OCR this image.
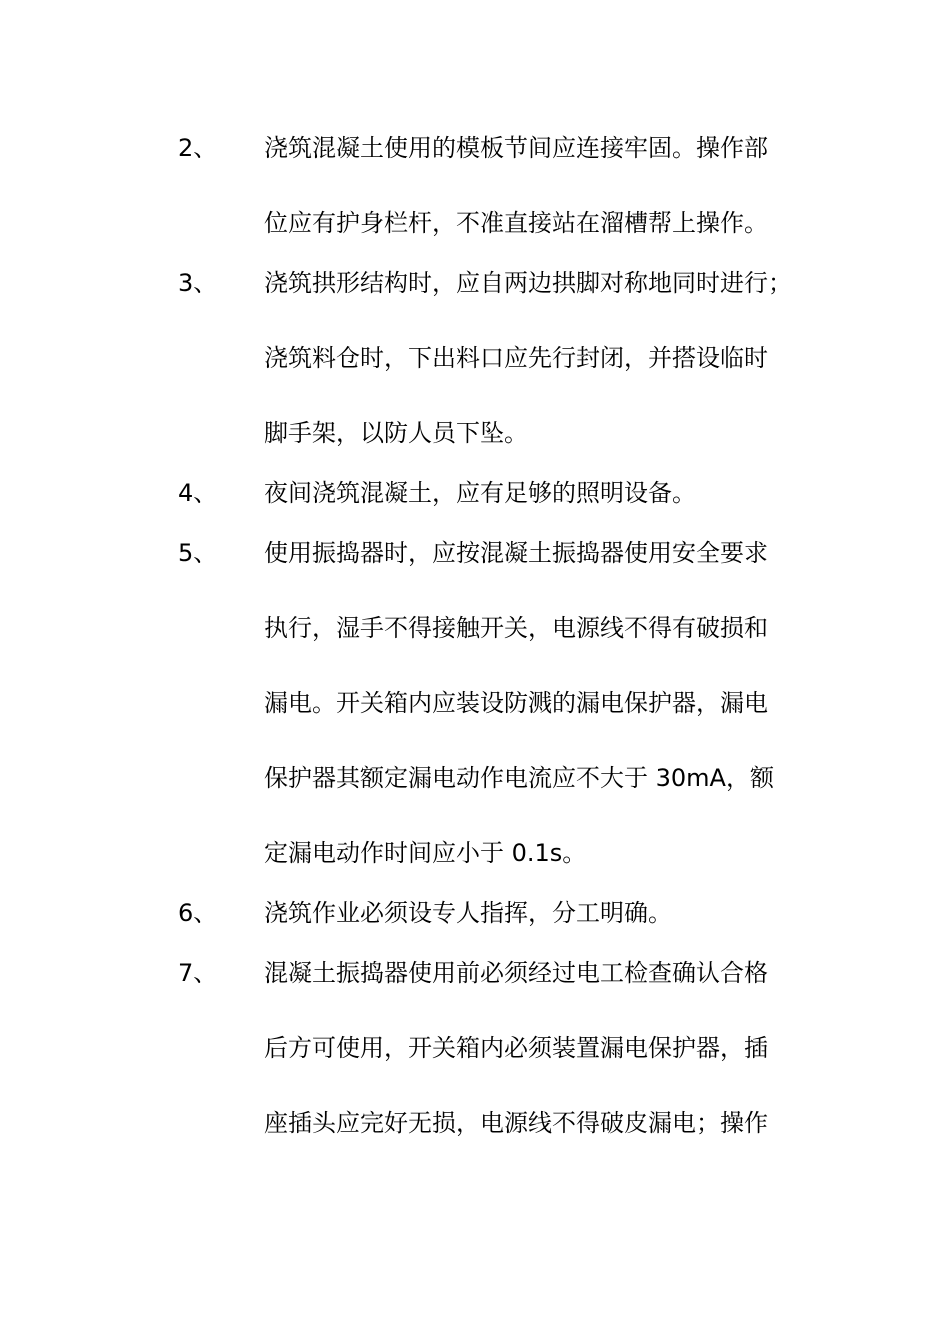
2、	浇筑混凝土使用的模板节间应连接牢固。操作部
位应有护身栏杆，不准直接站在溜槽帮上操作。
3、	浇筑拱形结构时，应自两边拱脚对称地同时进行；
浇筑料仓时，下出料口应先行封闭，并搭设临时
脚手架，以防人员下坠。
4、	夜间浇筑混凝土，应有足够的照明设备。
5、	使用振捣器时，应按混凝土振捣器使用安全要求
执行，湿手不得接触开关，电源线不得有破损和
漏电。开关箱内应装设防溅的漏电保护器，漏电
保护器其额定漏电动作电流应不大于 30mA，额
定漏电动作时间应小于 0.1s。
6、	浇筑作业必须设专人指挥，分工明确。
7、	混凝土振捣器使用前必须经过电工检查确认合格
后方可使用，开关箱内必须装置漏电保护器，插
座插头应完好无损，电源线不得破皮漏电；操作
